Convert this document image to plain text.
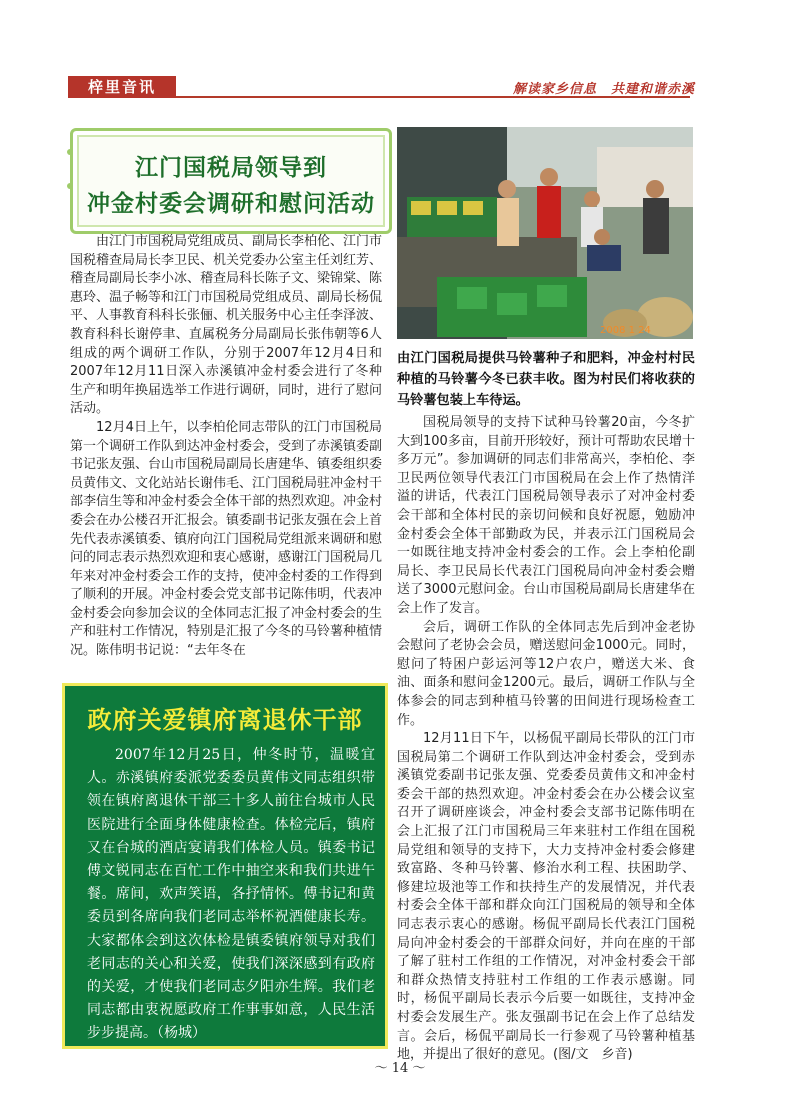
梓里音讯	解读家乡信息　共建和谐赤溪
江门国税局领导到
冲金村委会调研和慰问活动
2008 1 24
由江门国税局提供马铃薯种子和肥料，冲金村村民种植的马铃薯今冬已获丰收。图为村民们将收获的马铃薯包装上车待运。

由江门市国税局党组成员、副局长李柏伦、江门市国税稽查局局长李卫民、机关党委办公室主任刘红芳、稽查局副局长李小冰、稽查局科长陈子文、梁锦棠、陈惠玲、温子畅等和江门市国税局党组成员、副局长杨侃平、人事教育科科长张俪、机关服务中心主任李泽波、教育科科长谢停聿、直属税务分局副局长张伟朝等6人组成的两个调研工作队，分别于2007年12月4日和2007年12月11日深入赤溪镇冲金村委会进行了冬种生产和明年换届选举工作进行调研，同时，进行了慰问活动。

12月4日上午，以李柏伦同志带队的江门市国税局第一个调研工作队到达冲金村委会，受到了赤溪镇委副书记张友强、台山市国税局副局长唐建华、镇委组织委员黄伟文、文化站站长谢伟毛、江门国税局驻冲金村干部李信生等和冲金村委会全体干部的热烈欢迎。冲金村委会在办公楼召开汇报会。镇委副书记张友强在会上首先代表赤溪镇委、镇府向江门国税局党组派来调研和慰问的同志表示热烈欢迎和衷心感谢，感谢江门国税局几年来对冲金村委会工作的支持，使冲金村委的工作得到了顺利的开展。冲金村委会党支部书记陈伟明，代表冲金村委会向参加会议的全体同志汇报了冲金村委会的生产和驻村工作情况，特别是汇报了今冬的马铃薯种植情况。陈伟明书记说：“去年冬在

国税局领导的支持下试种马铃薯20亩，今冬扩大到100多亩，目前开形较好，预计可帮助农民增十多万元”。参加调研的同志们非常高兴，李柏伦、李卫民两位领导代表江门市国税局在会上作了热情洋溢的讲话，代表江门国税局领导表示了对冲金村委会干部和全体村民的亲切问候和良好祝愿，勉励冲金村委会全体干部勤政为民，并表示江门国税局会一如既往地支持冲金村委会的工作。会上李柏伦副局长、李卫民局长代表江门国税局向冲金村委会赠送了3000元慰问金。台山市国税局副局长唐建华在会上作了发言。

会后，调研工作队的全体同志先后到冲金老协会慰问了老协会会员，赠送慰问金1000元。同时，慰问了特困户彭运河等12户农户，赠送大米、食油、面条和慰问金1200元。最后，调研工作队与全体参会的同志到种植马铃薯的田间进行现场检查工作。

12月11日下午，以杨侃平副局长带队的江门市国税局第二个调研工作队到达冲金村委会，受到赤溪镇党委副书记张友强、党委委员黄伟文和冲金村委会干部的热烈欢迎。冲金村委会在办公楼会议室召开了调研座谈会，冲金村委会支部书记陈伟明在会上汇报了江门市国税局三年来驻村工作组在国税局党组和领导的支持下，大力支持冲金村委会修建致富路、冬种马铃薯、修治水利工程、扶困助学、修建垃圾池等工作和扶持生产的发展情况，并代表村委会全体干部和群众向江门国税局的领导和全体同志表示衷心的感谢。杨侃平副局长代表江门国税局向冲金村委会的干部群众问好，并向在座的干部了解了驻村工作组的工作情况，对冲金村委会干部和群众热情支持驻村工作组的工作表示感谢。同时，杨侃平副局长表示今后要一如既往，支持冲金村委会发展生产。张友强副书记在会上作了总结发言。会后，杨侃平副局长一行参观了马铃薯种植基地，并提出了很好的意见。(图/文　乡音)

政府关爱镇府离退休干部

2007年12月25日，仲冬时节，温暖宜人。赤溪镇府委派党委委员黄伟文同志组织带领在镇府离退休干部三十多人前往台城市人民医院进行全面身体健康检查。体检完后，镇府又在台城的酒店宴请我们体检人员。镇委书记傅文锐同志在百忙工作中抽空来和我们共进午餐。席间，欢声笑语，各抒情怀。傅书记和黄委员到各席向我们老同志举杯祝酒健康长寿。大家都体会到这次体检是镇委镇府领导对我们老同志的关心和关爱，使我们深深感到有政府的关爱，才使我们老同志夕阳亦生辉。我们老同志都由衷祝愿政府工作事事如意，人民生活步步提高。（杨城）

～ 14 ～
